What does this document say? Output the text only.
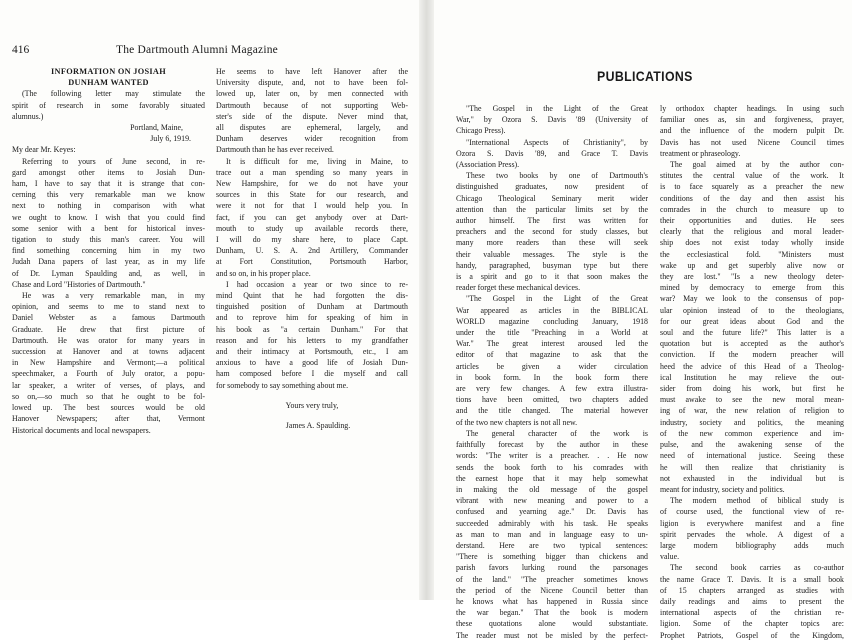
416	The Dartmouth Alumni Magazine
INFORMATION ON JOSIAH
DUNHAM WANTED

(The following letter may stimulate the
spirit of research in some favorably situated
alumnus.)

Portland, Maine,
July 6, 1919.
My dear Mr. Keyes:
Referring to yours of June second, in re-
gard amongst other items to Josiah Dun-
ham, I have to say that it is strange that con-
cerning this very remarkable man we know
next to nothing in comparison with what
we ought to know. I wish that you could find
some senior with a bent for historical inves-
tigation to study this man's career. You will
find something concerning him in my two
Judah Dana papers of last year, as in my life
of Dr. Lyman Spaulding and, as well, in
Chase and Lord "Histories of Dartmouth."
He was a very remarkable man, in my
opinion, and seems to me to stand next to
Daniel Webster as a famous Dartmouth
Graduate. He drew that first picture of
Dartmouth. He was orator for many years in
succession at Hanover and at towns adjacent
in New Hampshire and Vermont;—a political
speechmaker, a Fourth of July orator, a popu-
lar speaker, a writer of verses, of plays, and
so on,—so much so that he ought to be fol-
lowed up. The best sources would be old
Hanover Newspapers; after that, Vermont
Historical documents and local newspapers.
He seems to have left Hanover after the
University dispute, and, not to have been fol-
lowed up, later on, by men connected with
Dartmouth because of not supporting Web-
ster's side of the dispute. Never mind that,
all disputes are ephemeral, largely, and
Dunham deserves wider recognition from
Dartmouth than he has ever received.
It is difficult for me, living in Maine, to
trace out a man spending so many years in
New Hampshire, for we do not have your
sources in this State for our research, and
were it not for that I would help you. In
fact, if you can get anybody over at Dart-
mouth to study up available records there,
I will do my share here, to place Capt.
Dunham, U. S. A. 2nd Artillery, Commander
at Fort Constitution, Portsmouth Harbor,
and so on, in his proper place.
I had occasion a year or two since to re-
mind Quint that he had forgotten the dis-
tinguished position of Dunham at Dartmouth
and to reprove him for speaking of him in
his book as "a certain Dunham." For that
reason and for his letters to my grandfather
and their intimacy at Portsmouth, etc., I am
anxious to have a good life of Josiah Dun-
ham composed before I die myself and call
for somebody to say something about me.
Yours very truly,
James A. Spaulding.
PUBLICATIONS
"The Gospel in the Light of the Great
War," by Ozora S. Davis '89 (University of
Chicago Press).
"International Aspects of Christianity", by
Ozora S. Davis '89, and Grace T. Davis
(Association Press).
These two books by one of Dartmouth's
distinguished graduates, now president of
Chicago Theological Seminary merit wider
attention than the particular limits set by the
author himself. The first was written for
preachers and the second for study classes, but
many more readers than these will seek
their valuable messages. The style is the
handy, paragraphed, busyman type but there
is a spirit and go to it that soon makes the
reader forget these mechanical devices.
"The Gospel in the Light of the Great
War appeared as articles in the BIBLICAL
WORLD magazine concluding January, 1918
under the title "Preaching in a World at
War." The great interest aroused led the
editor of that magazine to ask that the
articles be given a wider circulation
in book form. In the book form there
are very few changes. A few extra illustra-
tions have been omitted, two chapters added
and the title changed. The material however
of the two new chapters is not all new.
The general character of the work is
faithfully forecast by the author in these
words: "The writer is a preacher. . . He now
sends the book forth to his comrades with
the earnest hope that it may help somewhat
in making the old message of the gospel
vibrant with new meaning and power to a
confused and yearning age." Dr. Davis has
succeeded admirably with his task. He speaks
as man to man and in language easy to un-
derstand. Here are two typical sentences:
"There is something bigger than chickens and
parish favors lurking round the parsonages
of the land." "The preacher sometimes knows
the period of the Nicene Council better than
he knows what has happened in Russia since
the war began." That the book is modern
these quotations alone would substantiate.
The reader must not be misled by the perfect-
ly orthodox chapter headings. In using such
familiar ones as, sin and forgiveness, prayer,
and the influence of the modern pulpit Dr.
Davis has not used Nicene Council times
treatment or phraseology.
The goal aimed at by the author con-
stitutes the central value of the work. It
is to face squarely as a preacher the new
conditions of the day and then assist his
comrades in the church to measure up to
their opportunities and duties. He sees
clearly that the religious and moral leader-
ship does not exist today wholly inside
the ecclesiastical fold. "Ministers must
wake up and get superbly alive now or
they are lost." "Is a new theology deter-
mined by democracy to emerge from this
war? May we look to the consensus of pop-
ular opinion instead of to the theologians,
for our great ideas about God and the
soul and the future life?" This latter is a
quotation but is accepted as the author's
conviction. If the modern preacher will
heed the advice of this Head of a Theolog-
ical Institution he may relieve the out-
sider from doing his work, but first he
must awake to see the new moral mean-
ing of war, the new relation of religion to
industry, society and politics, the meaning
of the new common experience and im-
pulse, and the awakening sense of the
need of international justice. Seeing these
he will then realize that christianity is
not exhausted in the individual but is
meant for industry, society and politics.
The modern method of biblical study is
of course used, the functional view of re-
ligion is everywhere manifest and a fine
spirit pervades the whole. A digest of a
large modern bibliography adds much
value.
The second book carries as co-author
the name Grace T. Davis. It is a small book
of 15 chapters arranged as studies with
daily readings and aims to present the
international aspects of the christian re-
ligion. Some of the chapter topics are:
Prophet Patriots, Gospel of the Kingdom,
